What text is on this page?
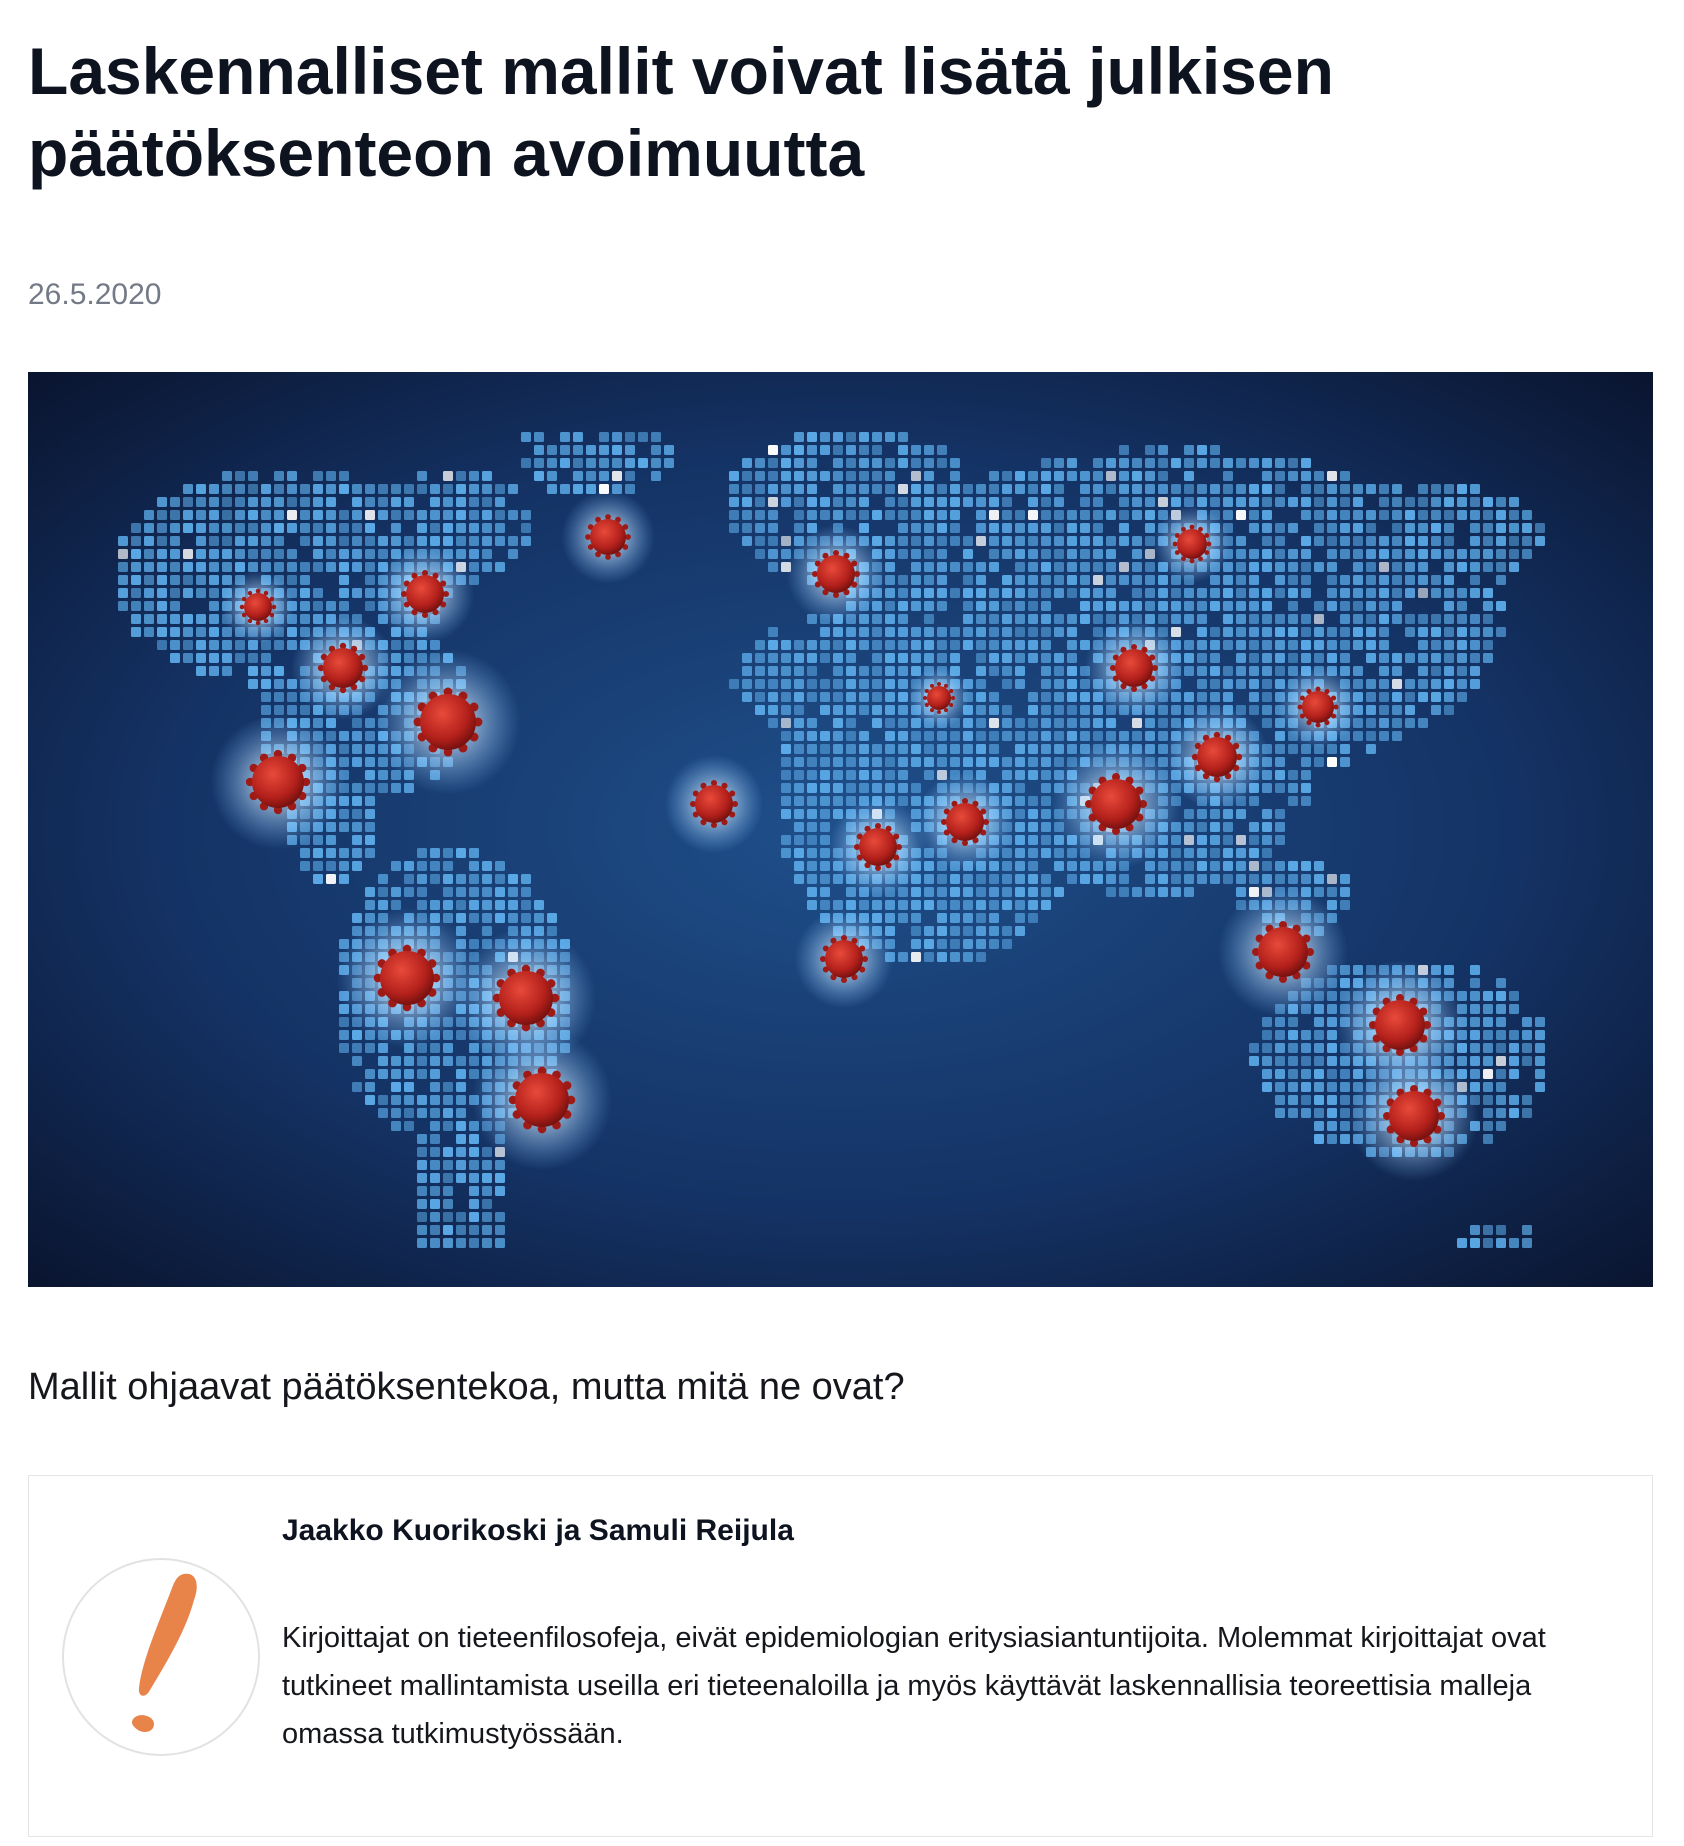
Laskennalliset mallit voivat lisätä julkisen päätöksenteon avoimuutta
26.5.2020
Mallit ohjaavat päätöksentekoa, mutta mitä ne ovat?
Jaakko Kuorikoski ja Samuli Reijula
Kirjoittajat on tieteenfilosofeja, eivät epidemiologian eritysiasiantuntijoita. Molemmat kirjoittajat ovat tutkineet mallintamista useilla eri tieteenaloilla ja myös käyttävät laskennallisia teoreettisia malleja omassa tutkimustyössään.
